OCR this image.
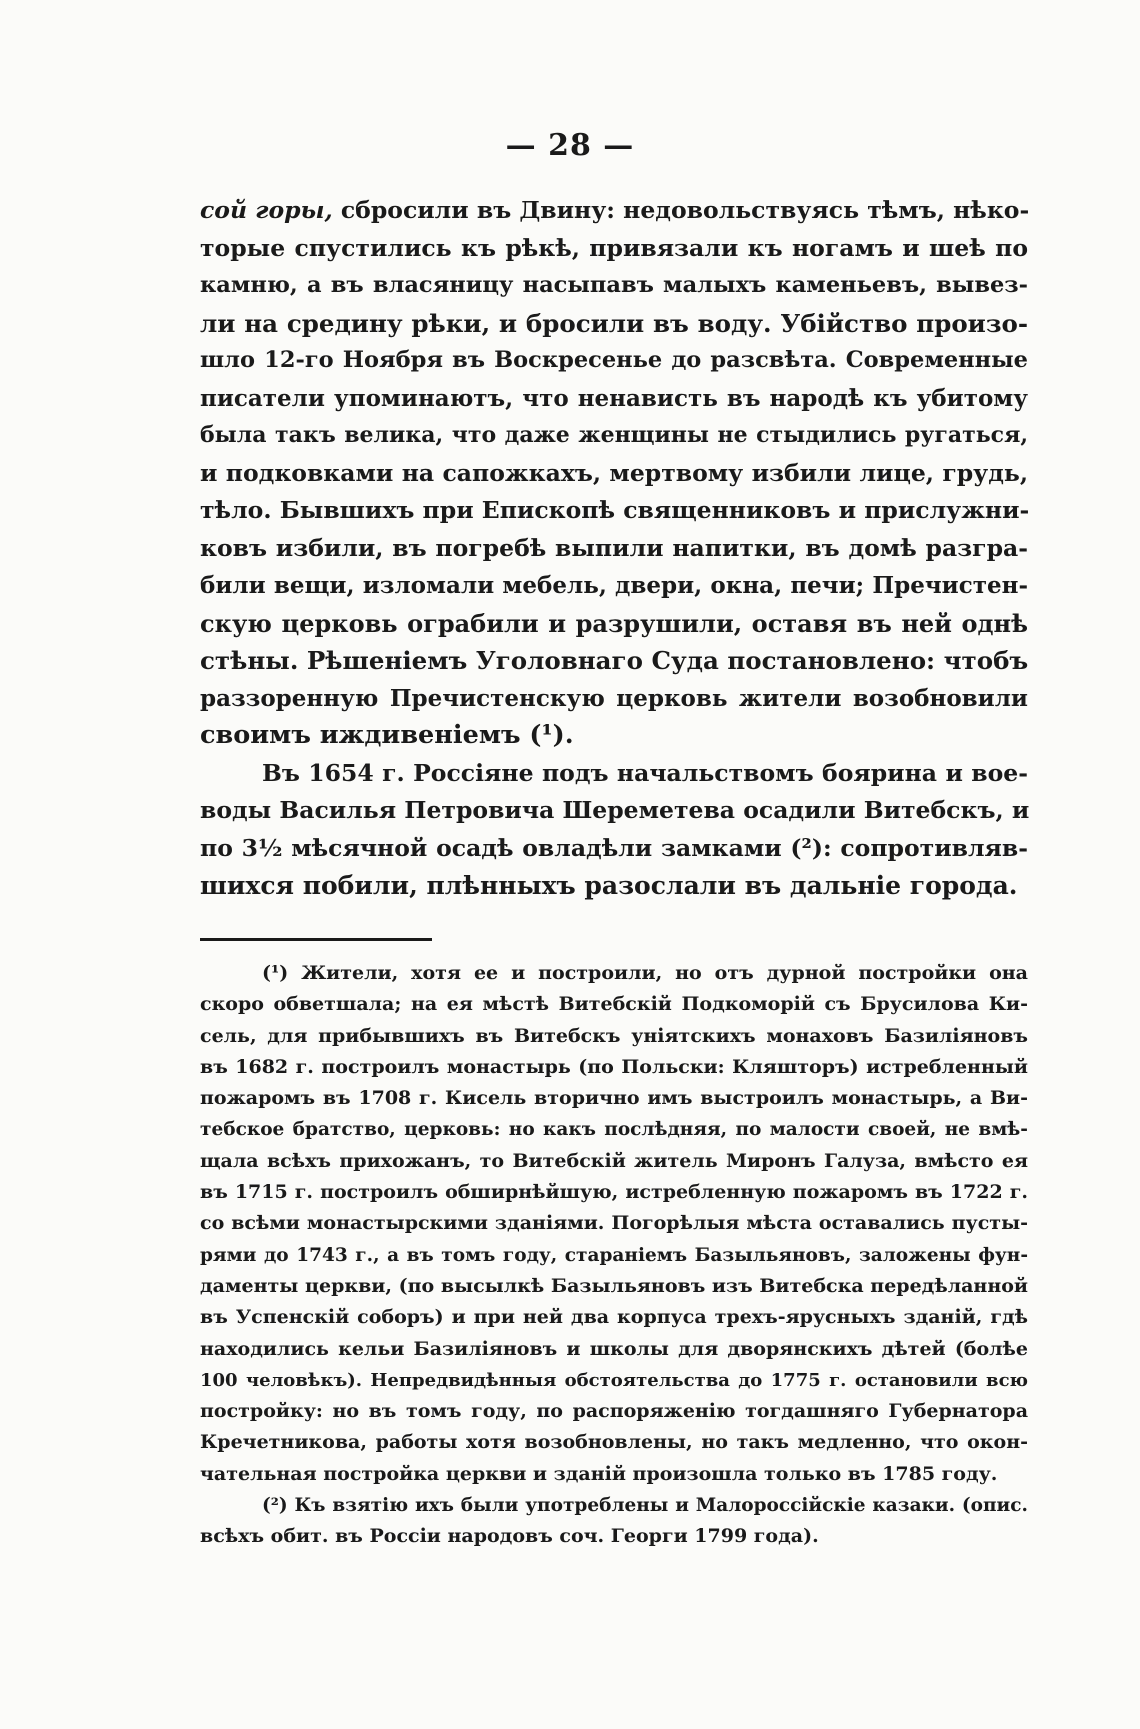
— 28 —
сой горы, сбросили въ Двину: недовольствуясь тѣмъ, нѣко-
торые спустились къ рѣкѣ, привязали къ ногамъ и шеѣ по
камню, а въ власяницу насыпавъ малыхъ каменьевъ, вывез-
ли на средину рѣки, и бросили въ воду. Убійство произо-
шло 12-го Ноября въ Воскресенье до разсвѣта. Современные
писатели упоминаютъ, что ненависть въ народѣ къ убитому
была такъ велика, что даже женщины не стыдились ругаться,
и подковками на сапожкахъ, мертвому избили лице, грудь,
тѣло. Бывшихъ при Епископѣ священниковъ и прислужни-
ковъ избили, въ погребѣ выпили напитки, въ домѣ разгра-
били вещи, изломали мебель, двери, окна, печи; Пречистен-
скую церковь ограбили и разрушили, оставя въ ней однѣ
стѣны. Рѣшеніемъ Уголовнаго Суда постановлено: чтобъ
раззоренную Пречистенскую церковь жители возобновили
своимъ иждивеніемъ (¹).
Въ 1654 г. Россіяне подъ начальствомъ боярина и вое-
воды Василья Петровича Шереметева осадили Витебскъ, и
по 3½ мѣсячной осадѣ овладѣли замками (²): сопротивляв-
шихся побили, плѣнныхъ разослали въ дальніе города.
(¹) Жители, хотя ее и построили, но отъ дурной постройки она
скоро обветшала; на ея мѣстѣ Витебскій Подкоморій съ Брусилова Ки-
сель, для прибывшихъ въ Витебскъ уніятскихъ монаховъ Базиліяновъ
въ 1682 г. построилъ монастырь (по Польски: Кляшторъ) истребленный
пожаромъ въ 1708 г. Кисель вторично имъ выстроилъ монастырь, а Ви-
тебское братство, церковь: но какъ послѣдняя, по малости своей, не вмѣ-
щала всѣхъ прихожанъ, то Витебскій житель Миронъ Галуза, вмѣсто ея
въ 1715 г. построилъ обширнѣйшую, истребленную пожаромъ въ 1722 г.
со всѣми монастырскими зданіями. Погорѣлыя мѣста оставались пусты-
рями до 1743 г., а въ томъ году, стараніемъ Базыльяновъ, заложены фун-
даменты церкви, (по высылкѣ Базыльяновъ изъ Витебска передѣланной
въ Успенскій соборъ) и при ней два корпуса трехъ-ярусныхъ зданій, гдѣ
находились кельи Базиліяновъ и школы для дворянскихъ дѣтей (болѣе
100 человѣкъ). Непредвидѣнныя обстоятельства до 1775 г. остановили всю
постройку: но въ томъ году, по распоряженію тогдашняго Губернатора
Кречетникова, работы хотя возобновлены, но такъ медленно, что окон-
чательная постройка церкви и зданій произошла только въ 1785 году.
(²) Къ взятію ихъ были употреблены и Малороссійскіе казаки. (опис.
всѣхъ обит. въ Россіи народовъ соч. Георги 1799 года).
